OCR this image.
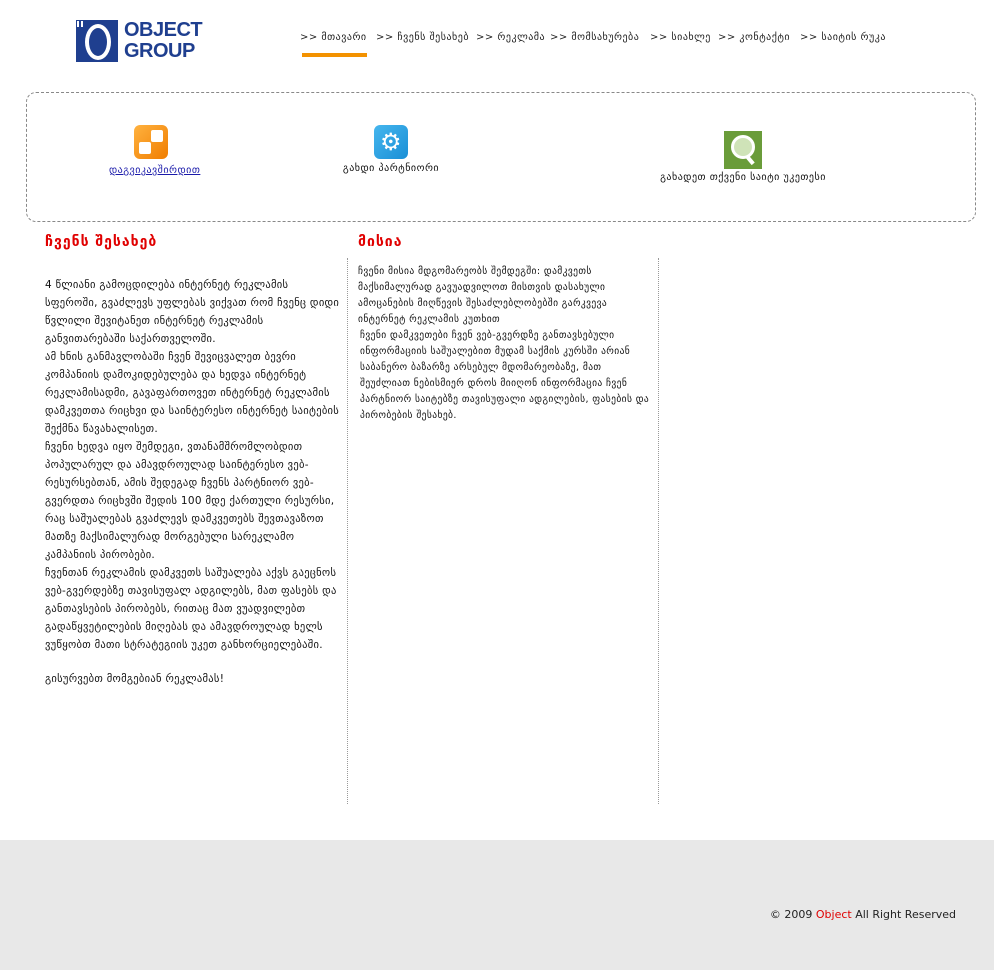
OBJECT
GROUP
>> მთავარი >> ჩვენს შესახებ >> რეკლამა >> მომსახურება >> სიახლე >> კონტაქტი >> საიტის რუკა
დაგვიკავშირდით
⚙
გახდი პარტნიორი
გახადეთ თქვენი საიტი უკეთესი
ჩვენს შესახებ
4 წლიანი გამოცდილება ინტერნეტ რეკლამის სფეროში, გვაძლევს უფლებას ვიქვათ რომ ჩვენც დიდი წვლილი შევიტანეთ ინტერნეტ რეკლამის განვითარებაში საქართველოში.
ამ ხნის განმავლობაში ჩვენ შევიცვალეთ ბევრი კომპანიის დამოკიდებულება და ხედვა ინტერნეტ რეკლამისადმი, გავაფართოვეთ ინტერნეტ რეკლამის დამკვეთთა რიცხვი და საინტერესო ინტერნეტ საიტების შექმნა წავახალისეთ.
ჩვენი ხედვა იყო შემდეგი, ვთანამშრომლობდით პოპულარულ და ამავდროულად საინტერესო ვებ-რესურსებთან, ამის შედეგად ჩვენს პარტნიორ ვებ-გვერდთა რიცხვში შედის 100 მდე ქართული რესურსი, რაც საშუალებას გვაძლევს დამკვეთებს შევთავაზოთ მათზე მაქსიმალურად მორგებული სარეკლამო კამპანიის პირობები.
ჩვენთან რეკლამის დამკვეთს საშუალება აქვს გაეცნოს ვებ-გვერდებზე თავისუფალ ადგილებს, მათ ფასებს და განთავსების პირობებს, რითაც მათ ვუადვილებთ გადაწყვეტილების მიღებას და ამავდროულად ხელს ვუწყობთ მათი სტრატეგიის უკეთ განხორციელებაში.
გისურვებთ მომგებიან რეკლამას!
მისია
ჩვენი მისია მდგომარეობს შემდეგში: დამკვეთს მაქსიმალურად გავუადვილოთ მისთვის დასახული ამოცანების მიღწევის შესაძლებლობებში გარკვევა ინტერნეტ რეკლამის კუთხით
ჩვენი დამკვეთები ჩვენ ვებ-გვერდზე განთავსებული ინფორმაციის საშუალებით მუდამ საქმის კურსში არიან საბანერო ბაზარზე არსებულ მდომარეობაზე, მათ შეუძლიათ ნებისმიერ დროს მიიღონ ინფორმაცია ჩვენ პარტნიორ საიტებზე თავისუფალი ადგილების, ფასების და პირობების შესახებ.
© 2009 Object All Right Reserved
